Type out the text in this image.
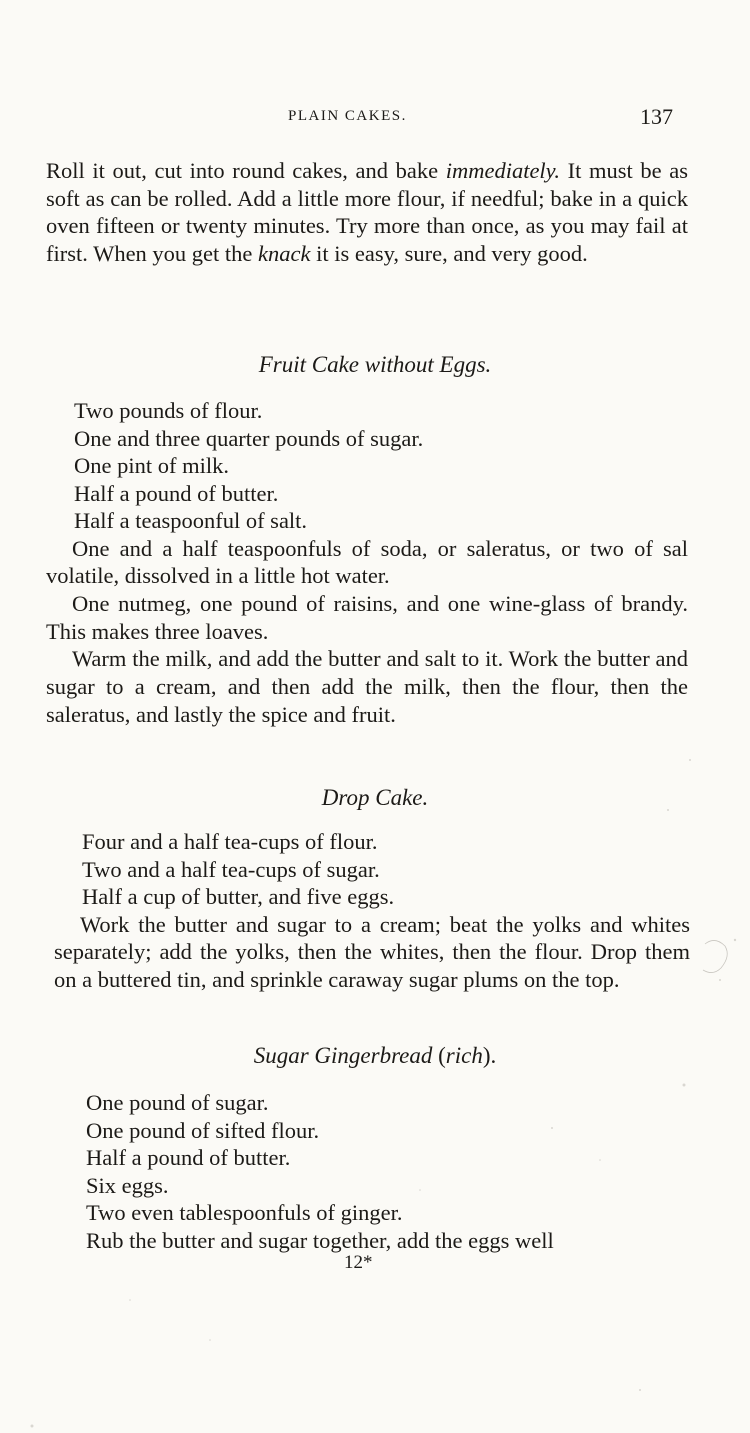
PLAIN CAKES.	137

Roll it out, cut into round cakes, and bake immediately. It must be as soft as can be rolled. Add a little more flour, if needful; bake in a quick oven fifteen or twenty minutes. Try more than once, as you may fail at first. When you get the knack it is easy, sure, and very good.

Fruit Cake without Eggs.

Two pounds of flour.

One and three quarter pounds of sugar.

One pint of milk.

Half a pound of butter.

Half a teaspoonful of salt.

One and a half teaspoonfuls of soda, or saleratus, or two of sal volatile, dissolved in a little hot water.

One nutmeg, one pound of raisins, and one wine-glass of brandy. This makes three loaves.

Warm the milk, and add the butter and salt to it. Work the butter and sugar to a cream, and then add the milk, then the flour, then the saleratus, and lastly the spice and fruit.

Drop Cake.

Four and a half tea-cups of flour.

Two and a half tea-cups of sugar.

Half a cup of butter, and five eggs.

Work the butter and sugar to a cream; beat the yolks and whites separately; add the yolks, then the whites, then the flour. Drop them on a buttered tin, and sprinkle caraway sugar plums on the top.

Sugar Gingerbread (rich).

One pound of sugar.

One pound of sifted flour.

Half a pound of butter.

Six eggs.

Two even tablespoonfuls of ginger.

Rub the butter and sugar together, add the eggs well

12*
